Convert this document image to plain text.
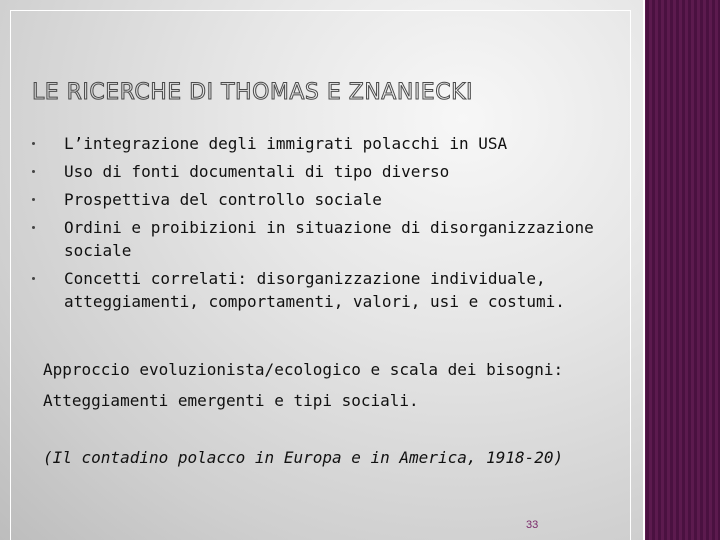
LE RICERCHE DI THOMAS E ZNANIECKI
L’integrazione degli immigrati polacchi in USA
Uso di fonti documentali di tipo diverso
Prospettiva del controllo sociale
Ordini e proibizioni in situazione di disorganizzazione sociale
Concetti correlati: disorganizzazione individuale, atteggiamenti, comportamenti, valori, usi e costumi.

Approccio evoluzionista/ecologico e scala dei bisogni:

Atteggiamenti emergenti e tipi sociali.

(Il contadino polacco in Europa e in America, 1918-20)

33
